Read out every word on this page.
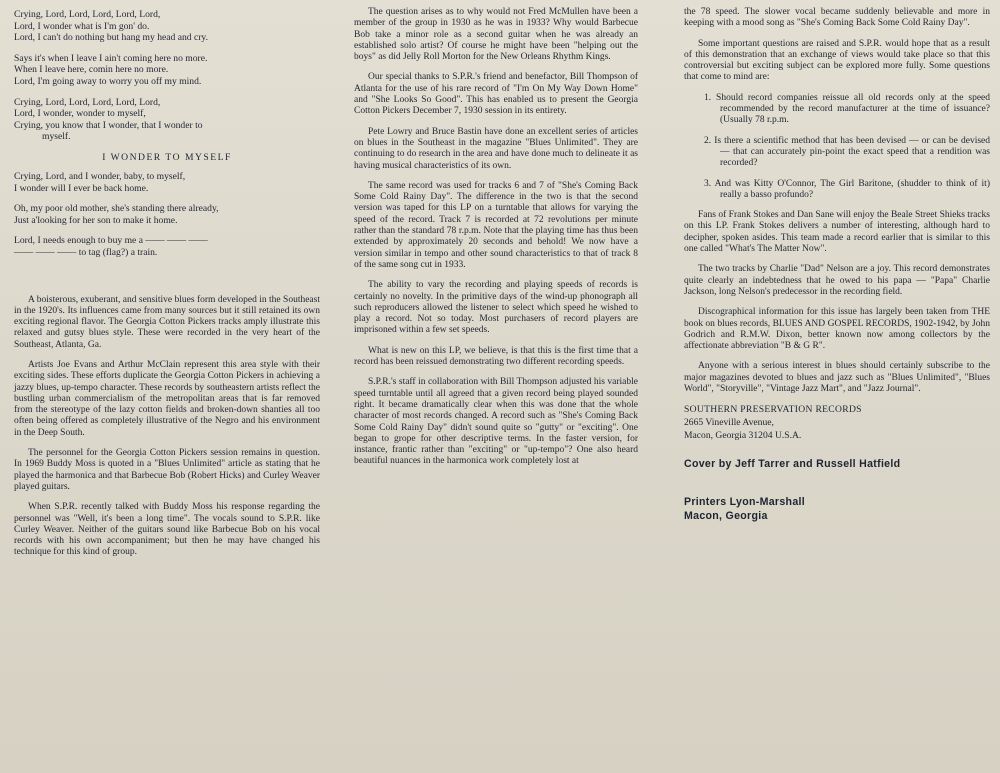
Crying, Lord, Lord, Lord, Lord, Lord,
Lord, I wonder what is I'm gon' do.
Lord, I can't do nothing but hang my head and cry.
Says it's when I leave I ain't coming here no more.
When I leave here, comin here no more.
Lord, I'm going away to worry you off my mind.
Crying, Lord, Lord, Lord, Lord, Lord,
Lord, I wonder, wonder to myself,
Crying, you know that I wonder, that I wonder to
myself.
I WONDER TO MYSELF
Crying, Lord, and I wonder, baby, to myself,
I wonder will I ever be back home.
Oh, my poor old mother, she's standing there already,
Just a'looking for her son to make it home.
Lord, I needs enough to buy me a —— —— ——
—— —— —— to tag (flag?) a train.

A boisterous, exuberant, and sensitive blues form developed in the Southeast in the 1920's. Its influences came from many sources but it still retained its own exciting regional flavor. The Georgia Cotton Pickers tracks amply illustrate this relaxed and gutsy blues style. These were recorded in the very heart of the Southeast, Atlanta, Ga.

Artists Joe Evans and Arthur McClain represent this area style with their exciting sides. These efforts duplicate the Georgia Cotton Pickers in achieving a jazzy blues, up-tempo character. These records by southeastern artists reflect the bustling urban commercialism of the metropolitan areas that is far removed from the stereotype of the lazy cotton fields and broken-down shanties all too often being offered as completely illustrative of the Negro and his environment in the Deep South.

The personnel for the Georgia Cotton Pickers session remains in question. In 1969 Buddy Moss is quoted in a "Blues Unlimited" article as stating that he played the harmonica and that Barbecue Bob (Robert Hicks) and Curley Weaver played guitars.

When S.P.R. recently talked with Buddy Moss his response regarding the personnel was "Well, it's been a long time". The vocals sound to S.P.R. like Curley Weaver. Neither of the guitars sound like Barbecue Bob on his vocal records with his own accompaniment; but then he may have changed his technique for this kind of group.

The question arises as to why would not Fred McMullen have been a member of the group in 1930 as he was in 1933? Why would Barbecue Bob take a minor role as a second guitar when he was already an established solo artist? Of course he might have been "helping out the boys" as did Jelly Roll Morton for the New Orleans Rhythm Kings.

Our special thanks to S.P.R.'s friend and benefactor, Bill Thompson of Atlanta for the use of his rare record of "I'm On My Way Down Home" and "She Looks So Good". This has enabled us to present the Georgia Cotton Pickers December 7, 1930 session in its entirety.

Pete Lowry and Bruce Bastin have done an excellent series of articles on blues in the Southeast in the magazine "Blues Unlimited". They are continuing to do research in the area and have done much to delineate it as having musical characteristics of its own.

The same record was used for tracks 6 and 7 of "She's Coming Back Some Cold Rainy Day". The difference in the two is that the second version was taped for this LP on a turntable that allows for varying the speed of the record. Track 7 is recorded at 72 revolutions per minute rather than the standard 78 r.p.m. Note that the playing time has thus been extended by approximately 20 seconds and behold! We now have a version similar in tempo and other sound characteristics to that of track 8 of the same song cut in 1933.

The ability to vary the recording and playing speeds of records is certainly no novelty. In the primitive days of the wind-up phonograph all such reproducers allowed the listener to select which speed he wished to play a record. Not so today. Most purchasers of record players are imprisoned within a few set speeds.

What is new on this LP, we believe, is that this is the first time that a record has been reissued demonstrating two different recording speeds.

S.P.R.'s staff in collaboration with Bill Thompson adjusted his variable speed turntable until all agreed that a given record being played sounded right. It became dramatically clear when this was done that the whole character of most records changed. A record such as "She's Coming Back Some Cold Rainy Day" didn't sound quite so "gutty" or "exciting". One began to grope for other descriptive terms. In the faster version, for instance, frantic rather than "exciting" or "up-tempo"? One also heard beautiful nuances in the harmonica work completely lost at

the 78 speed. The slower vocal became suddenly believable and more in keeping with a mood song as "She's Coming Back Some Cold Rainy Day".

Some important questions are raised and S.P.R. would hope that as a result of this demonstration that an exchange of views would take place so that this controversial but exciting subject can be explored more fully. Some questions that come to mind are:

1. Should record companies reissue all old records only at the speed recommended by the record manufacturer at the time of issuance? (Usually 78 r.p.m.
2. Is there a scientific method that has been devised — or can be devised — that can accurately pin-point the exact speed that a rendition was recorded?
3. And was Kitty O'Connor, The Girl Baritone, (shudder to think of it) really a basso profundo?

Fans of Frank Stokes and Dan Sane will enjoy the Beale Street Shieks tracks on this LP. Frank Stokes delivers a number of interesting, although hard to decipher, spoken asides. This team made a record earlier that is similar to this one called "What's The Matter Now".

The two tracks by Charlie "Dad" Nelson are a joy. This record demonstrates quite clearly an indebtedness that he owed to his papa — "Papa" Charlie Jackson, long Nelson's predecessor in the recording field.

Discographical information for this issue has largely been taken from THE book on blues records, BLUES AND GOSPEL RECORDS, 1902-1942, by John Godrich and R.M.W. Dixon, better known now among collectors by the affectionate abbreviation "B & G R".

Anyone with a serious interest in blues should certainly subscribe to the major magazines devoted to blues and jazz such as "Blues Unlimited", "Blues World", "Storyville", "Vintage Jazz Mart", and "Jazz Journal".

SOUTHERN PRESERVATION RECORDS
2665 Vineville Avenue,
Macon, Georgia 31204 U.S.A.
Cover by Jeff Tarrer and Russell Hatfield
Printers Lyon-Marshall
Macon, Georgia
